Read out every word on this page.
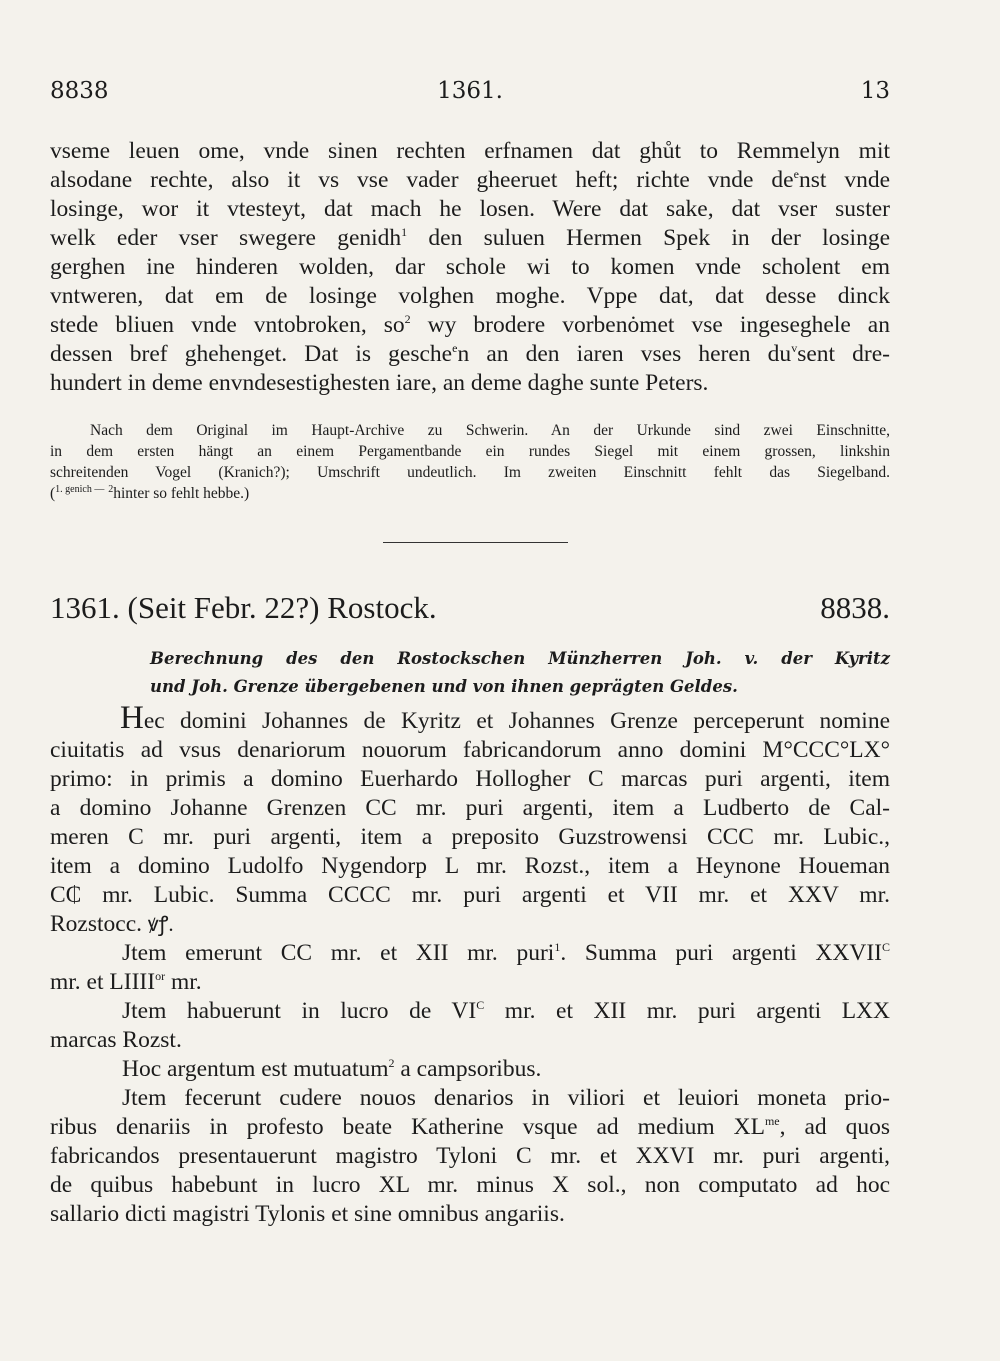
8838	1361.	13
vseme leuen ome, vnde sinen rechten erfnamen dat ghůt to Remmelyn mit
alsodane rechte, also it vs vse vader gheeruet heft; richte vnde $de^enst$ vnde
losinge, wor it vtesteyt, dat mach he losen. Were dat sake, dat vser suster
welk eder vser swegere genidh$^1$ den suluen Hermen Spek in der losinge
gerghen ine hinderen wolden, dar schole wi to komen vnde scholent em
vntweren, dat em de losinge volghen moghe. Vppe dat, dat desse dinck
stede bliuen vnde vntobroken, $so^2$ wy brodere vorbenȯmet vse ingeseghele an
dessen bref ghehenget. Dat is gesche$^e$n an den iaren vses heren $du^vsent$ dre-
hundert in deme envndesestighesten iare, an deme daghe sunte Peters.
Nach dem Original im Haupt-Archive zu Schwerin. An der Urkunde sind zwei Einschnitte,
in dem ersten hängt an einem Pergamentbande ein rundes Siegel mit einem grossen, linkshin
schreitenden Vogel (Kranich?); Umschrift undeutlich. Im zweiten Einschnitt fehlt das Siegelband.
($^{1. genich —}$ $^2$hinter so fehlt hebbe.)
1361. (Seit Febr. 22?) Rostock.	8838.
Berechnung des den Rostockschen Münzherren Joh. v. der Kyritz
und Joh. Grenze übergebenen und von ihnen geprägten Geldes.
Hec domini Johannes de Kyritz et Johannes Grenze perceperunt nomine
ciuitatis ad vsus denariorum nouorum fabricandorum anno domini M°CCC°LX°
primo: in primis a domino Euerhardo Hollogher C marcas puri argenti, item
a domino Johanne Grenzen CC mr. puri argenti, item a Ludberto de Cal-
meren C mr. puri argenti, item a preposito Guzstrowensi CCC mr. Lubic.,
item a domino Ludolfo Nygendorp L mr. Rozst., item a Heynone Houeman
C₵ mr. Lubic. Summa CCCC mr. puri argenti et VII mr. et XXV mr.
Rozstocc. ꝟꝭ.
Jtem emerunt CC mr. et XII mr. puri$^1$. Summa puri argenti $XXVII^C$
mr. et $LIIII^{or}$ mr.
Jtem habuerunt in lucro de $VI^C$ mr. et XII mr. puri argenti LXX
marcas Rozst.
Hoc argentum est mutuatum$^2$ a campsoribus.
Jtem fecerunt cudere nouos denarios in viliori et leuiori moneta prio-
ribus denariis in profesto beate Katherine vsque ad medium $XL^{me}$, ad quos
fabricandos presentauerunt magistro Tyloni C mr. et XXVI mr. puri argenti,
de quibus habebunt in lucro XL mr. minus X sol., non computato ad hoc
sallario dicti magistri Tylonis et sine omnibus angariis.
